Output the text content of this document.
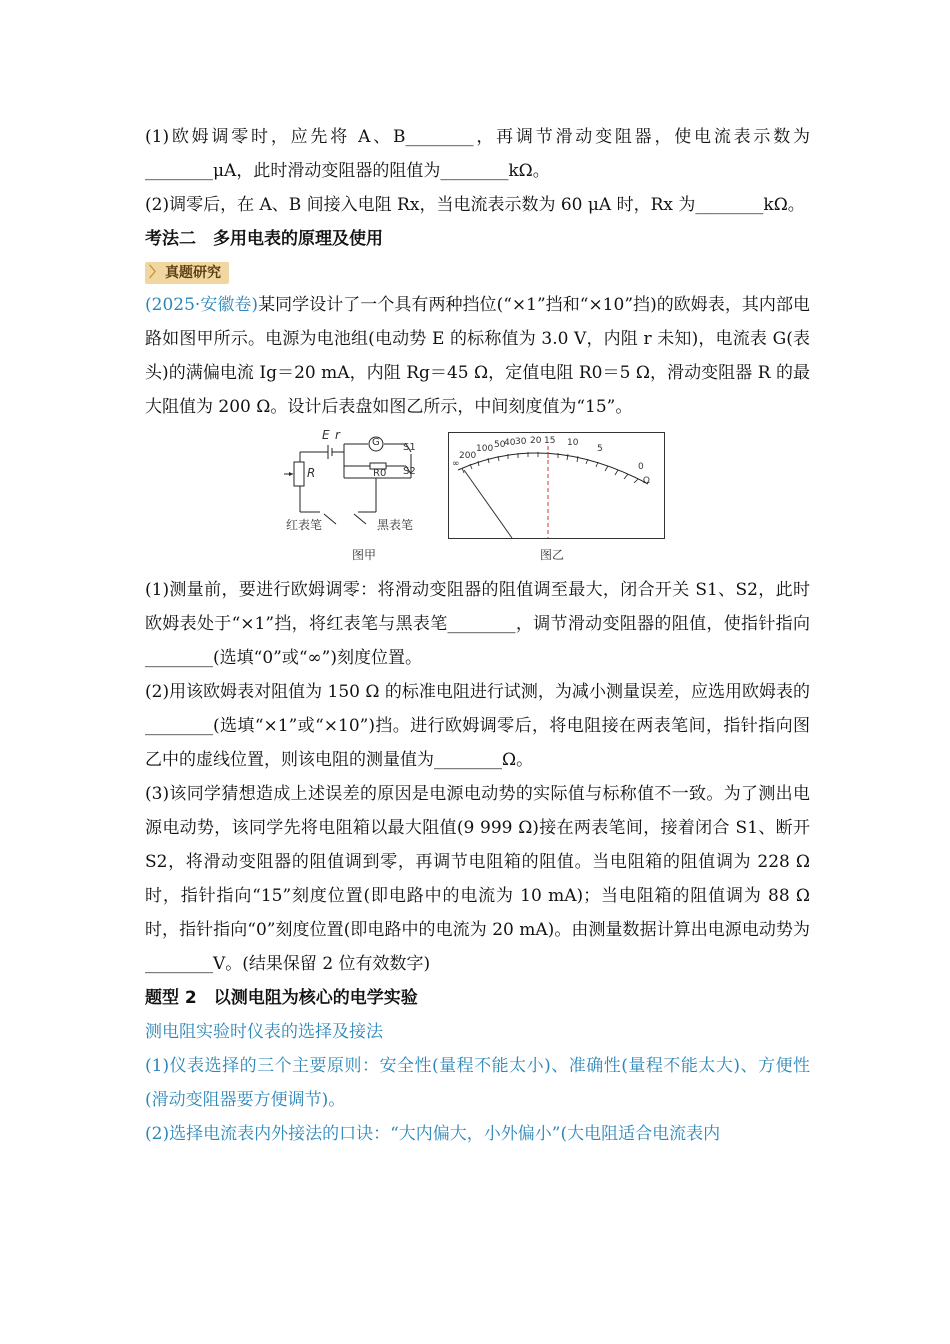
(1)欧姆调零时，应先将 A、B________，再调节滑动变阻器，使电流表示数为________μA，此时滑动变阻器的阻值为________kΩ。

(2)调零后，在 A、B 间接入电阻 Rx，当电流表示数为 60 μA 时，Rx 为________kΩ。

考法二　多用电表的原理及使用

〉 真题研究

(2025·安徽卷)某同学设计了一个具有两种挡位(“×1”挡和“×10”挡)的欧姆表，其内部电路如图甲所示。电源为电池组(电动势 E 的标称值为 3.0 V，内阻 r 未知)，电流表 G(表头)的满偏电流 Ig＝20 mA，内阻 Rg＝45 Ω，定值电阻 R0＝5 Ω，滑动变阻器 R 的最大阻值为 200 Ω。设计后表盘如图乙所示，中间刻度值为“15”。

E r
G S1
R0 S2
R
红表笔	黑表笔
图甲
∞
200
100 50
40 30 20 15 10
5
0
Ω
图乙

(1)测量前，要进行欧姆调零：将滑动变阻器的阻值调至最大，闭合开关 S1、S2，此时欧姆表处于“×1”挡，将红表笔与黑表笔________，调节滑动变阻器的阻值，使指针指向________(选填“0”或“∞”)刻度位置。

(2)用该欧姆表对阻值为 150 Ω 的标准电阻进行试测，为减小测量误差，应选用欧姆表的________(选填“×1”或“×10”)挡。进行欧姆调零后，将电阻接在两表笔间，指针指向图乙中的虚线位置，则该电阻的测量值为________Ω。

(3)该同学猜想造成上述误差的原因是电源电动势的实际值与标称值不一致。为了测出电源电动势，该同学先将电阻箱以最大阻值(9 999 Ω)接在两表笔间，接着闭合 S1、断开 S2，将滑动变阻器的阻值调到零，再调节电阻箱的阻值。当电阻箱的阻值调为 228 Ω 时，指针指向“15”刻度位置(即电路中的电流为 10 mA)；当电阻箱的阻值调为 88 Ω 时，指针指向“0”刻度位置(即电路中的电流为 20 mA)。由测量数据计算出电源电动势为________V。(结果保留 2 位有效数字)

题型 2　以测电阻为核心的电学实验

测电阻实验时仪表的选择及接法

(1)仪表选择的三个主要原则：安全性(量程不能太小)、准确性(量程不能太大)、方便性(滑动变阻器要方便调节)。

(2)选择电流表内外接法的口诀：“大内偏大，小外偏小”(大电阻适合电流表内
